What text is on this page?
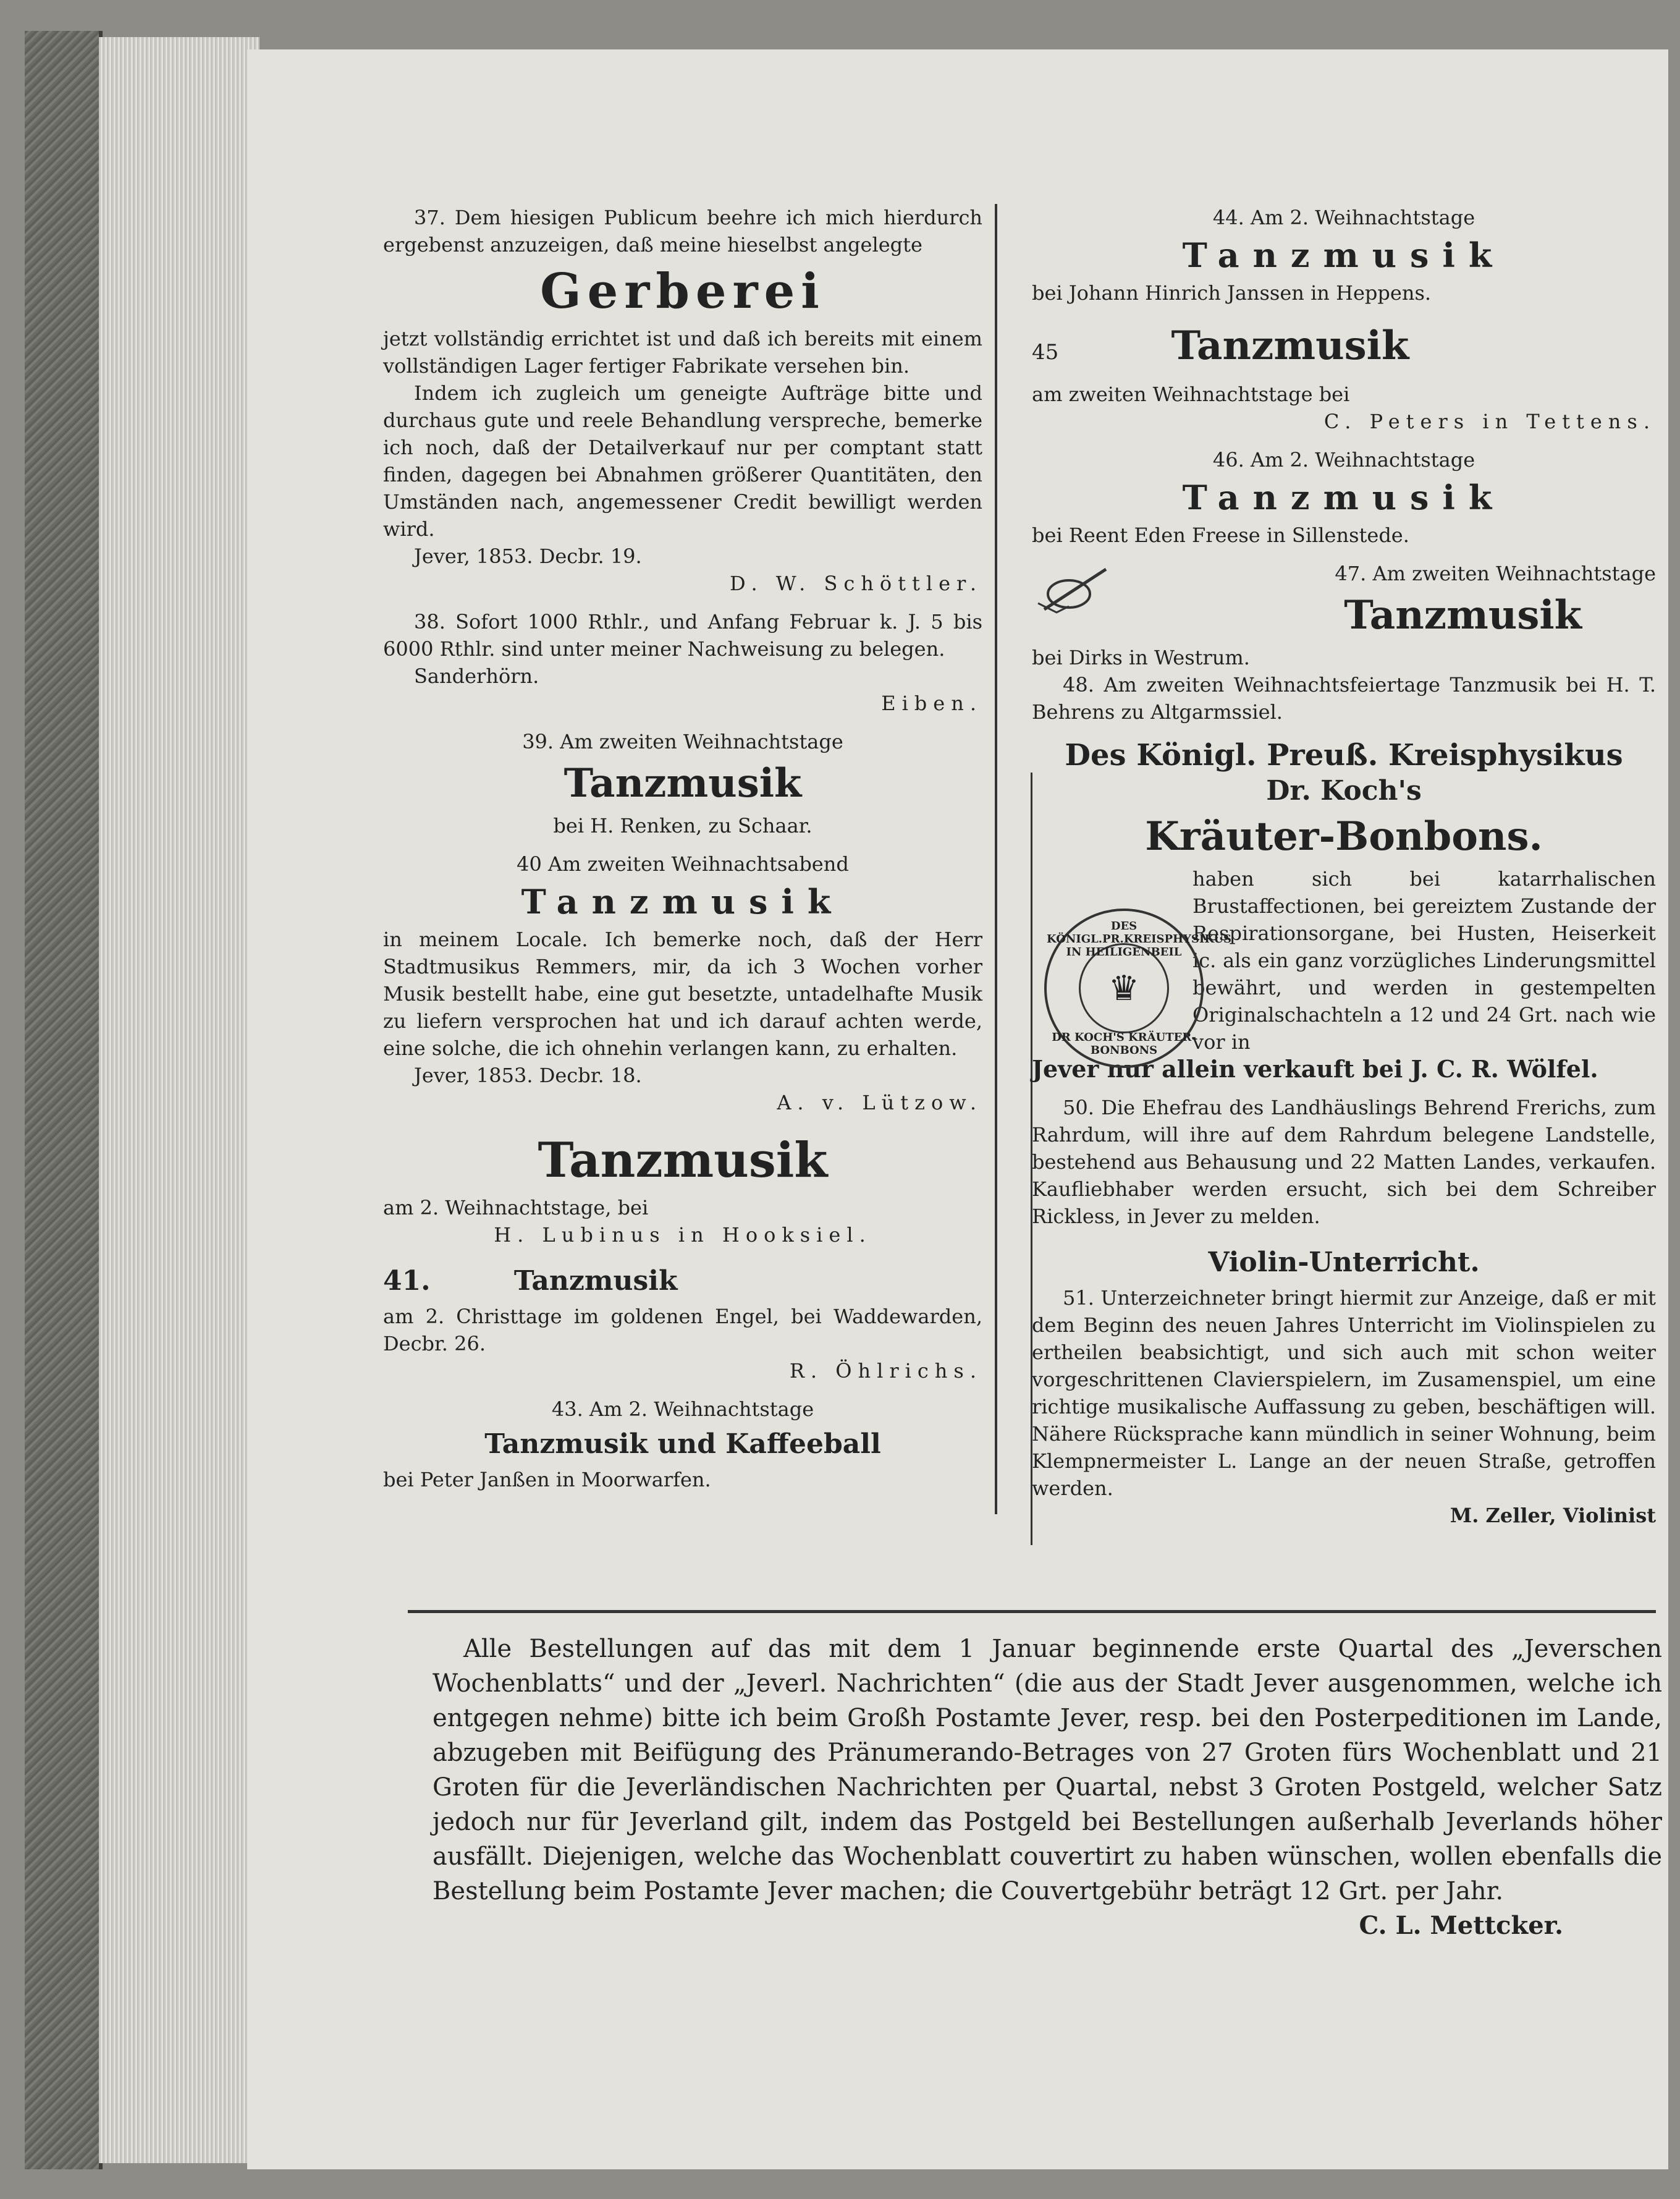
37. Dem hiesigen Publicum beehre ich mich hierdurch ergebenst anzuzeigen, daß meine hieselbst angelegte

Gerberei

jetzt vollständig errichtet ist und daß ich bereits mit einem vollständigen Lager fertiger Fabrikate versehen bin.

Indem ich zugleich um geneigte Aufträge bitte und durchaus gute und reele Behandlung verspreche, bemerke ich noch, daß der Detailverkauf nur per comptant statt finden, dagegen bei Abnahmen größerer Quantitäten, den Umständen nach, angemessener Credit bewilligt werden wird.

Jever, 1853. Decbr. 19.

D. W. Schöttler.

38. Sofort 1000 Rthlr., und Anfang Februar k. J. 5 bis 6000 Rthlr. sind unter meiner Nachweisung zu belegen.

Sanderhörn.

Eiben.

39. Am zweiten Weihnachtstage

Tanzmusik

bei H. Renken, zu Schaar.

40 Am zweiten Weihnachtsabend

Tanzmusik

in meinem Locale. Ich bemerke noch, daß der Herr Stadtmusikus Remmers, mir, da ich 3 Wochen vorher Musik bestellt habe, eine gut besetzte, untadelhafte Musik zu liefern versprochen hat und ich darauf achten werde, eine solche, die ich ohnehin verlangen kann, zu erhalten.

Jever, 1853. Decbr. 18.

A. v. Lützow.

Tanzmusik

am 2. Weihnachtstage, bei

H. Lubinus in Hooksiel.

41.	Tanzmusik

am 2. Christtage im goldenen Engel, bei Waddewarden, Decbr. 26.

R. Öhlrichs.

43. Am 2. Weihnachtstage

Tanzmusik und Kaffeeball

bei Peter Janßen in Moorwarfen.

44. Am 2. Weihnachtstage

Tanzmusik

bei Johann Hinrich Janssen in Heppens.

45	Tanzmusik

am zweiten Weihnachtstage bei

C. Peters in Tettens.

46. Am 2. Weihnachtstage

Tanzmusik

bei Reent Eden Freese in Sillenstede.

47. Am zweiten Weihnachtstage

Tanzmusik

bei Dirks in Westrum.

48. Am zweiten Weihnachtsfeiertage Tanzmusik bei H. T. Behrens zu Altgarmssiel.

Des Königl. Preuß. Kreisphysikus

Dr. Koch's

Kräuter-Bonbons.

haben sich bei katarrhalischen Brustaffectionen, bei gereiztem Zustande der Respirationsorgane, bei Husten, Heiserkeit ic. als ein ganz vorzügliches Linderungsmittel bewährt, und werden in gestempelten Originalschachteln a 12 und 24 Grt. nach wie vor in

Jever nur allein verkauft bei J. C. R. Wölfel.

50. Die Ehefrau des Landhäuslings Behrend Frerichs, zum Rahrdum, will ihre auf dem Rahrdum belegene Landstelle, bestehend aus Behausung und 22 Matten Landes, verkaufen. Kaufliebhaber werden ersucht, sich bei dem Schreiber Rickless, in Jever zu melden.

Violin-Unterricht.

51. Unterzeichneter bringt hiermit zur Anzeige, daß er mit dem Beginn des neuen Jahres Unterricht im Violinspielen zu ertheilen beabsichtigt, und sich auch mit schon weiter vorgeschrittenen Clavierspielern, im Zusamenspiel, um eine richtige musikalische Auffassung zu geben, beschäftigen will. Nähere Rücksprache kann mündlich in seiner Wohnung, beim Klempnermeister L. Lange an der neuen Straße, getroffen werden.

M. Zeller, Violinist

DES KÖNIGL.PR.KREISPHYSIKUS IN HEILIGENBEIL
♛
DR KOCH'S KRÄUTER-BONBONS

Alle Bestellungen auf das mit dem 1 Januar beginnende erste Quartal des „Jeverschen Wochenblatts“ und der „Jeverl. Nachrichten“ (die aus der Stadt Jever ausgenommen, welche ich entgegen nehme) bitte ich beim Großh Postamte Jever, resp. bei den Posterpeditionen im Lande, abzugeben mit Beifügung des Pränumerando-Betrages von 27 Groten fürs Wochenblatt und 21 Groten für die Jeverländischen Nachrichten per Quartal, nebst 3 Groten Postgeld, welcher Satz jedoch nur für Jeverland gilt, indem das Postgeld bei Bestellungen außerhalb Jeverlands höher ausfällt. Diejenigen, welche das Wochenblatt couvertirt zu haben wünschen, wollen ebenfalls die Bestellung beim Postamte Jever machen; die Couvertgebühr beträgt 12 Grt. per Jahr.

C. L. Mettcker.
